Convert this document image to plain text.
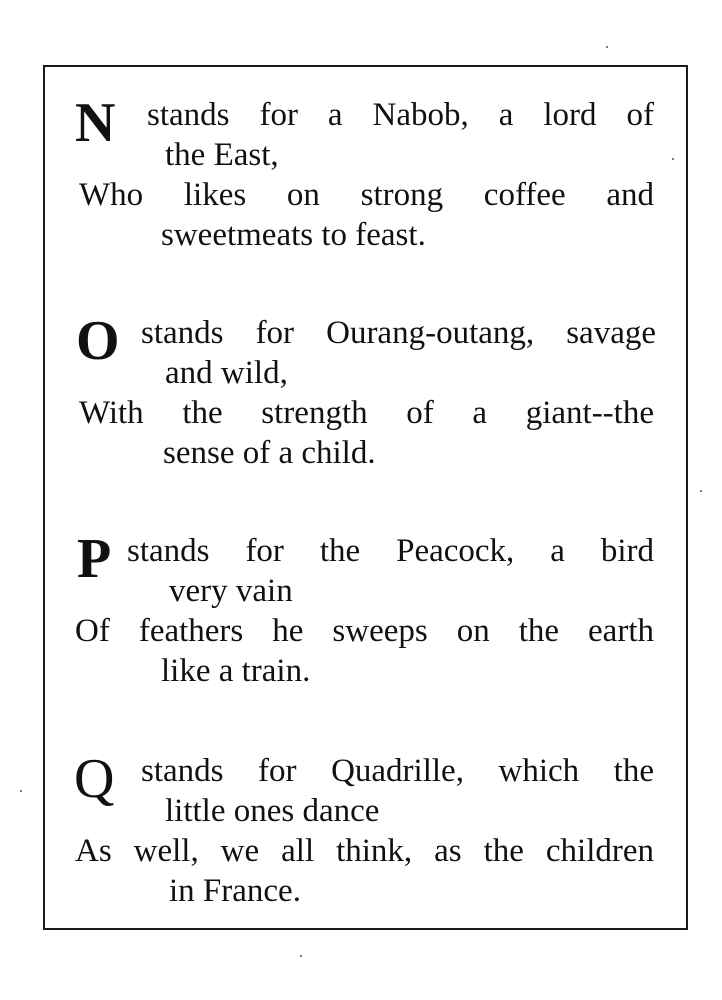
N stands for a Nabob, a lord of
the East,
Who likes on strong coffee and
sweetmeats to feast.
O stands for Ourang-outang, savage
and wild,
With the strength of a giant--the
sense of a child.
P stands for the Peacock, a bird
very vain
Of feathers he sweeps on the earth
like a train.
Q stands for Quadrille, which the
little ones dance
As well, we all think, as the children
in France.
